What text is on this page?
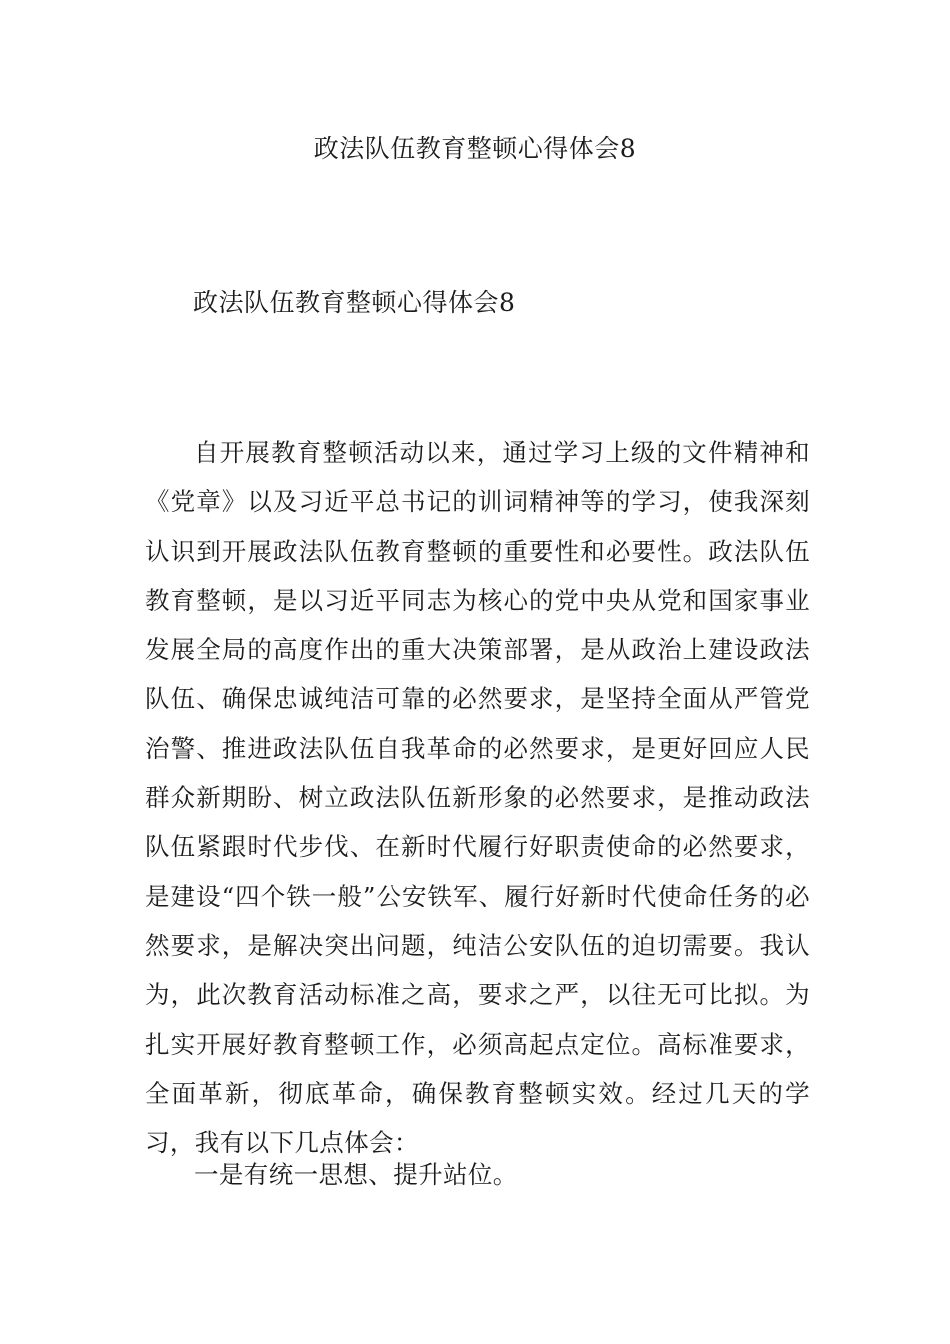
政法队伍教育整顿心得体会8
政法队伍教育整顿心得体会8

自开展教育整顿活动以来，通过学习上级的文件精神和《党章》以及习近平总书记的训词精神等的学习，使我深刻认识到开展政法队伍教育整顿的重要性和必要性。政法队伍教育整顿，是以习近平同志为核心的党中央从党和国家事业发展全局的高度作出的重大决策部署，是从政治上建设政法队伍、确保忠诚纯洁可靠的必然要求，是坚持全面从严管党治警、推进政法队伍自我革命的必然要求，是更好回应人民群众新期盼、树立政法队伍新形象的必然要求，是推动政法队伍紧跟时代步伐、在新时代履行好职责使命的必然要求，是建设“四个铁一般”公安铁军、履行好新时代使命任务的必然要求，是解决突出问题，纯洁公安队伍的迫切需要。我认为，此次教育活动标准之高，要求之严，以往无可比拟。为扎实开展好教育整顿工作，必须高起点定位。高标准要求，全面革新，彻底革命，确保教育整顿实效。经过几天的学习，我有以下几点体会：

一是有统一思想、提升站位。
